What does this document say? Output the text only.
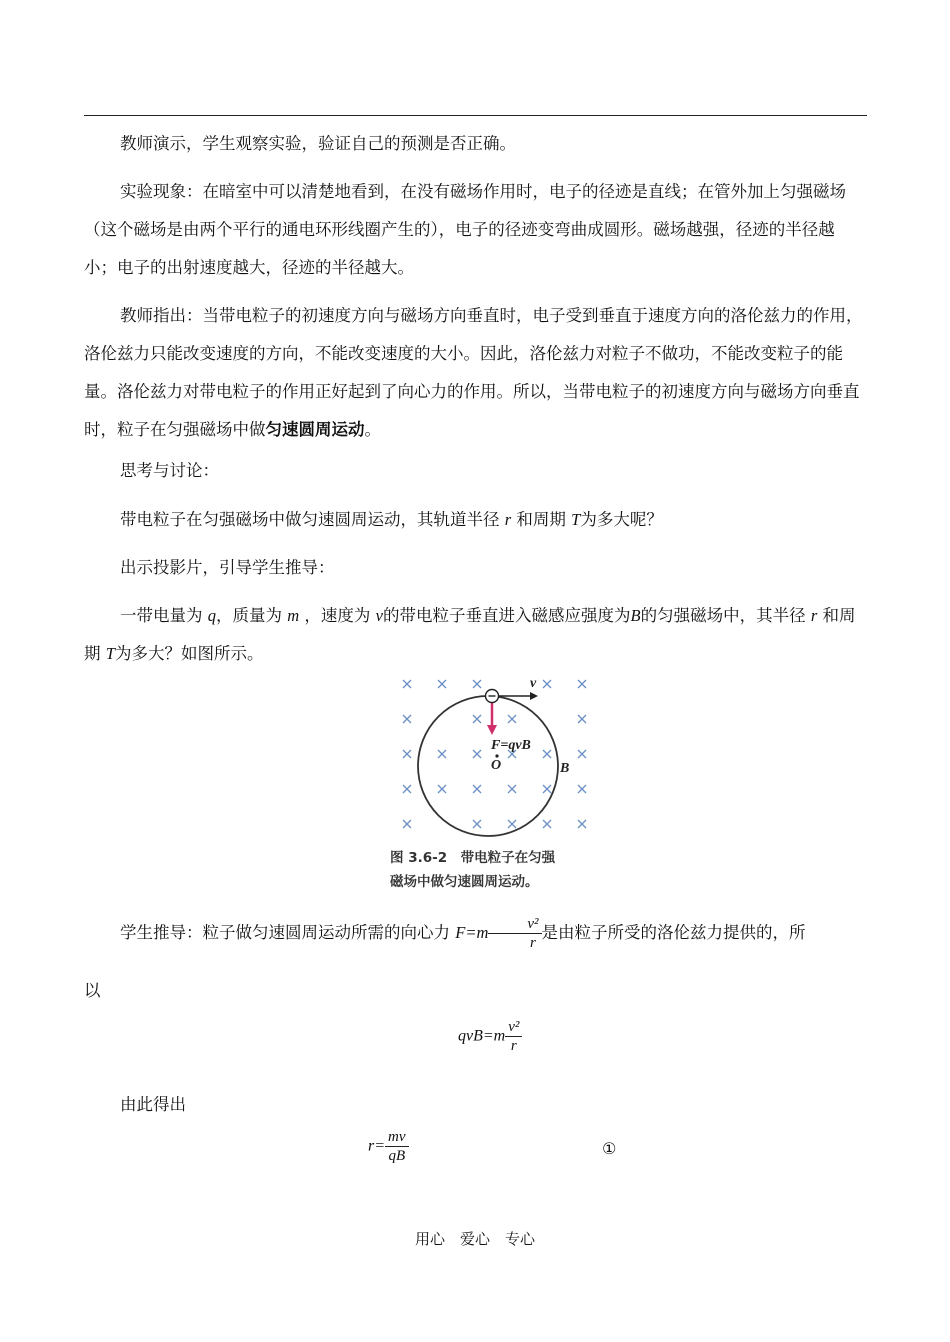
教师演示，学生观察实验，验证自己的预测是否正确。

实验现象：在暗室中可以清楚地看到，在没有磁场作用时，电子的径迹是直线；在管外加上匀强磁场（这个磁场是由两个平行的通电环形线圈产生的），电子的径迹变弯曲成圆形。磁场越强，径迹的半径越小；电子的出射速度越大，径迹的半径越大。

教师指出：当带电粒子的初速度方向与磁场方向垂直时，电子受到垂直于速度方向的洛伦兹力的作用，洛伦兹力只能改变速度的方向，不能改变速度的大小。因此，洛伦兹力对粒子不做功，不能改变粒子的能量。洛伦兹力对带电粒子的作用正好起到了向心力的作用。所以，当带电粒子的初速度方向与磁场方向垂直时，粒子在匀强磁场中做匀速圆周运动。

思考与讨论：

带电粒子在匀强磁场中做匀速圆周运动，其轨道半径 r 和周期 T为多大呢？

出示投影片，引导学生推导：

一带电量为 q，质量为 m ，速度为 v的带电粒子垂直进入磁感应强度为B的匀强磁场中，其半径 r 和周期 T为多大？如图所示。

v
F=qvB
O	B
图 3.6-2　带电粒子在匀强
磁场中做匀速圆周运动。

学生推导：粒子做匀速圆周运动所需的向心力 $F=m \frac{\text{v²}}{r}$ 是由粒子所受的洛伦兹力提供的，所

以

$qvB=m \frac{\text{v²}}{r}$

由此得出

$r= \frac{mv}{qB}$	①
用心　爱心　专心
